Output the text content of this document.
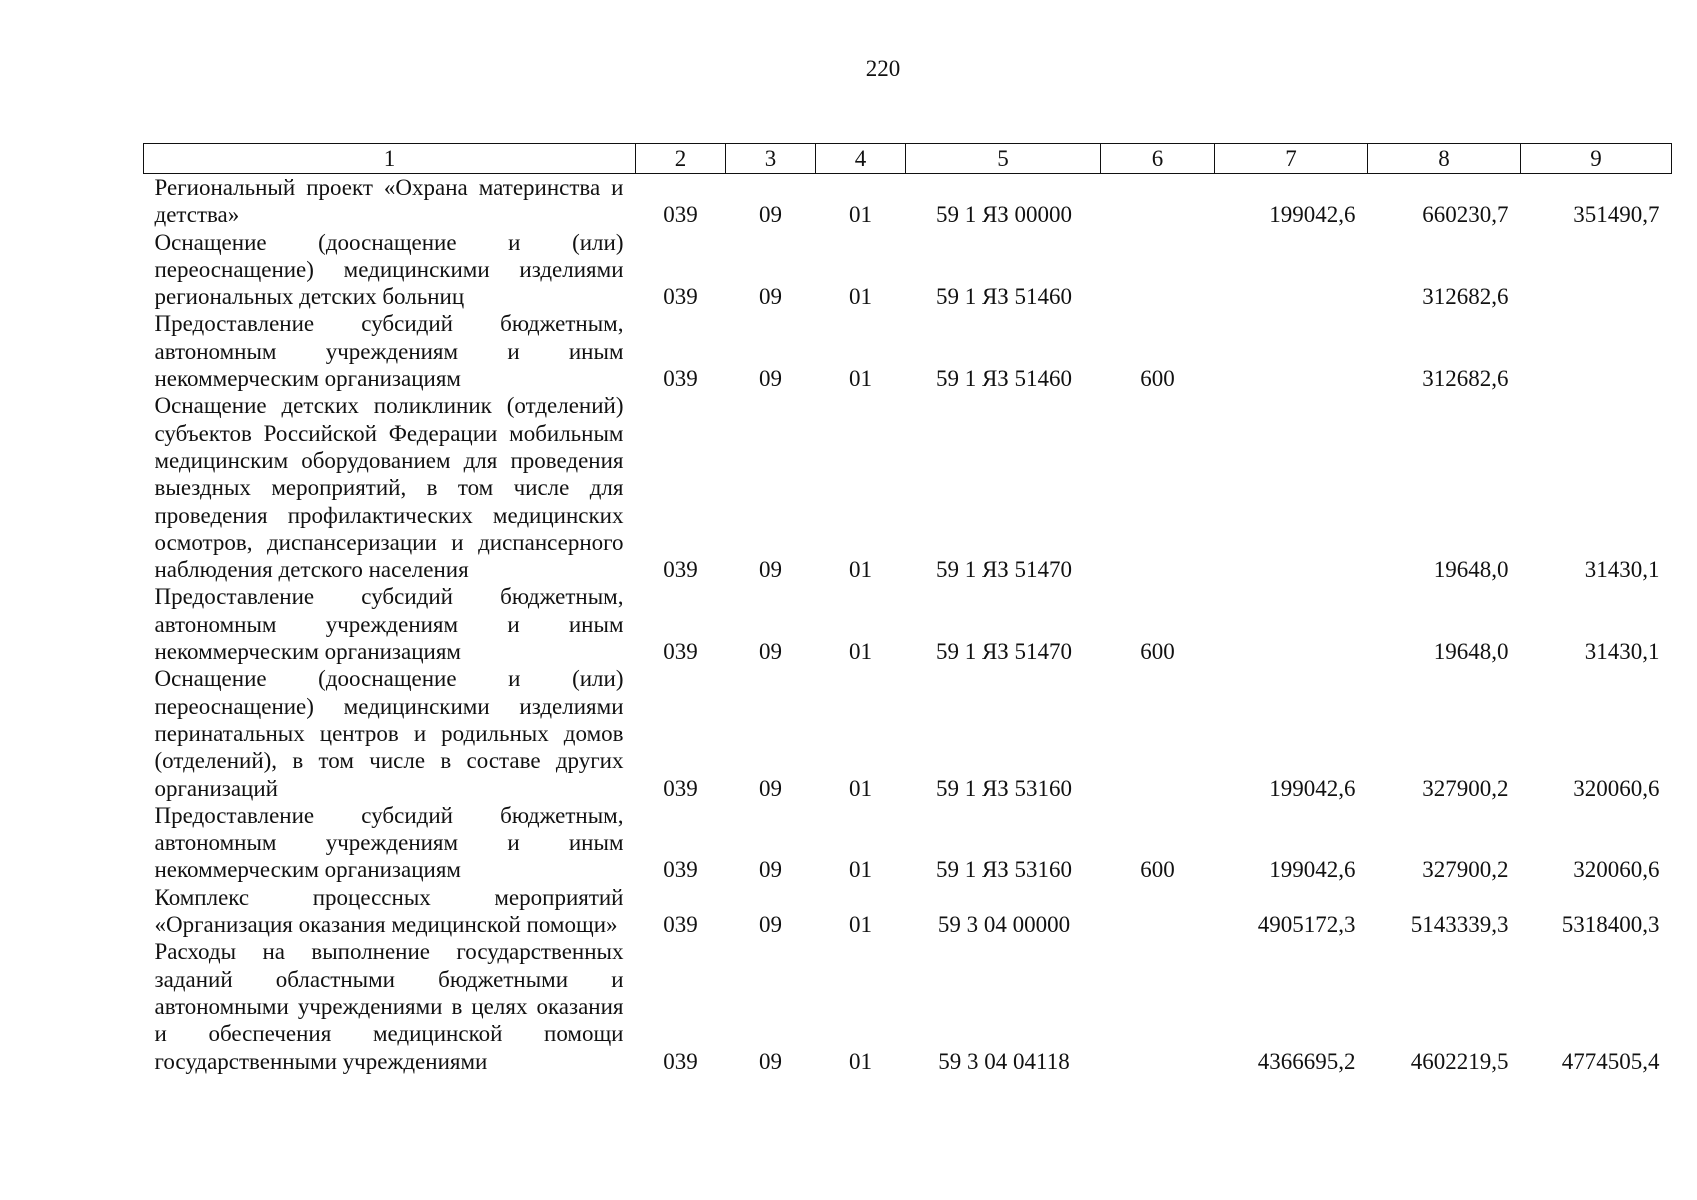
220
1	2	3	4	5	6	7	8	9
Региональный проект «Охрана материнства и детства»	039	09	01	59 1 ЯЗ 00000		199042,6	660230,7	351490,7
Оснащение (дооснащение и (или) переоснащение) медицинскими изделиями региональных детских больниц	039	09	01	59 1 ЯЗ 51460			312682,6	
Предоставление субсидий бюджетным, автономным учреждениям и иным некоммерческим организациям	039	09	01	59 1 ЯЗ 51460	600		312682,6	
Оснащение детских поликлиник (отделений) субъектов Российской Федерации мобильным медицинским оборудованием для проведения выездных мероприятий, в том числе для проведения профилактических медицинских осмотров, диспансеризации и диспансерного наблюдения детского населения	039	09	01	59 1 ЯЗ 51470			19648,0	31430,1
Предоставление субсидий бюджетным, автономным учреждениям и иным некоммерческим организациям	039	09	01	59 1 ЯЗ 51470	600		19648,0	31430,1
Оснащение (дооснащение и (или) переоснащение) медицинскими изделиями перинатальных центров и родильных домов (отделений), в том числе в составе других организаций	039	09	01	59 1 ЯЗ 53160		199042,6	327900,2	320060,6
Предоставление субсидий бюджетным, автономным учреждениям и иным некоммерческим организациям	039	09	01	59 1 ЯЗ 53160	600	199042,6	327900,2	320060,6
Комплекс процессных мероприятий «Организация оказания медицинской помощи»	039	09	01	59 3 04 00000		4905172,3	5143339,3	5318400,3
Расходы на выполнение государственных заданий областными бюджетными и автономными учреждениями в целях оказания и обеспечения медицинской помощи государственными учреждениями	039	09	01	59 3 04 04118		4366695,2	4602219,5	4774505,4
